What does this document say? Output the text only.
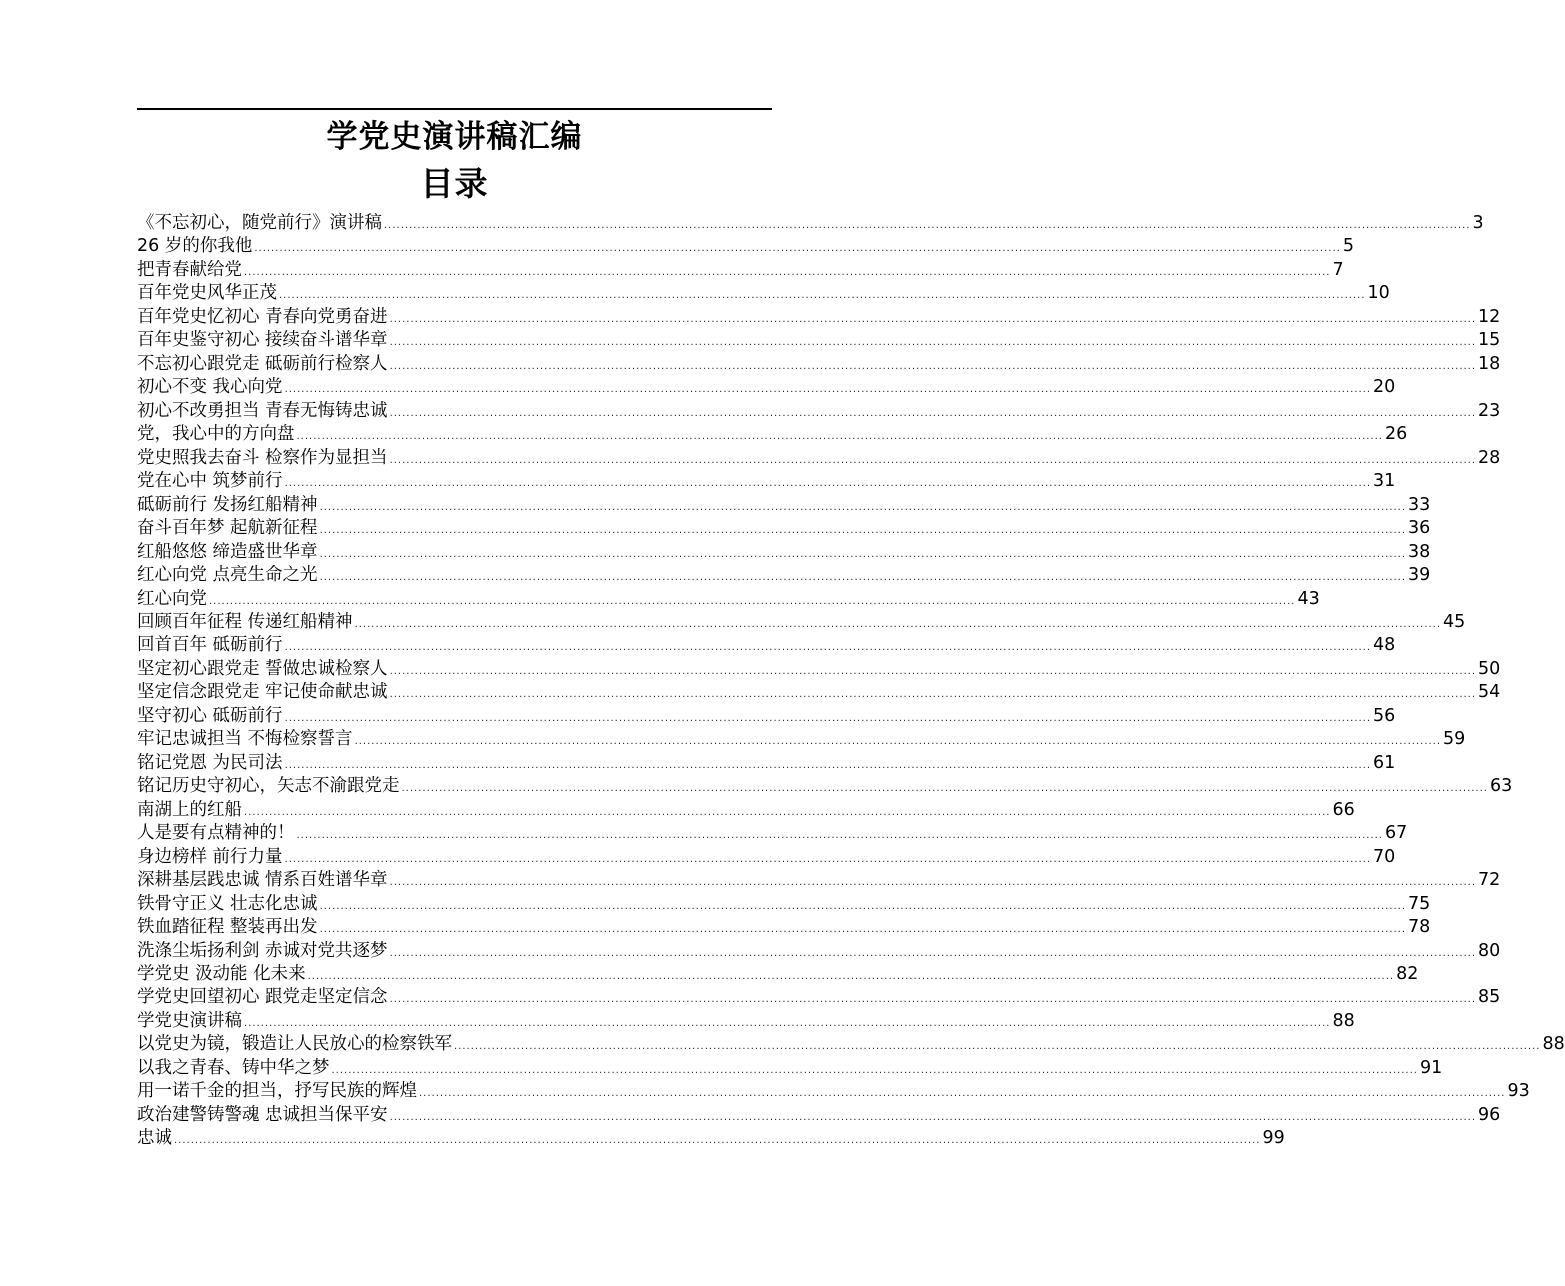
学党史演讲稿汇编
目录
《不忘初心，随党前行》演讲稿 .................................................................................................................................................................................................................................................................... 3
26 岁的你我他 .................................................................................................................................................................................................................................................................... 5
把青春献给党 .................................................................................................................................................................................................................................................................... 7
百年党史风华正茂 .................................................................................................................................................................................................................................................................... 10
百年党史忆初心 青春向党勇奋进 .................................................................................................................................................................................................................................................................... 12
百年史鉴守初心 接续奋斗谱华章 .................................................................................................................................................................................................................................................................... 15
不忘初心跟党走 砥砺前行检察人 .................................................................................................................................................................................................................................................................... 18
初心不变 我心向党 .................................................................................................................................................................................................................................................................... 20
初心不改勇担当 青春无悔铸忠诚 .................................................................................................................................................................................................................................................................... 23
党，我心中的方向盘 .................................................................................................................................................................................................................................................................... 26
党史照我去奋斗 检察作为显担当 .................................................................................................................................................................................................................................................................... 28
党在心中 筑梦前行 .................................................................................................................................................................................................................................................................... 31
砥砺前行 发扬红船精神 .................................................................................................................................................................................................................................................................... 33
奋斗百年梦 起航新征程 .................................................................................................................................................................................................................................................................... 36
红船悠悠 缔造盛世华章 .................................................................................................................................................................................................................................................................... 38
红心向党 点亮生命之光 .................................................................................................................................................................................................................................................................... 39
红心向党 .................................................................................................................................................................................................................................................................... 43
回顾百年征程 传递红船精神 .................................................................................................................................................................................................................................................................... 45
回首百年 砥砺前行 .................................................................................................................................................................................................................................................................... 48
坚定初心跟党走 誓做忠诚检察人 .................................................................................................................................................................................................................................................................... 50
坚定信念跟党走 牢记使命献忠诚 .................................................................................................................................................................................................................................................................... 54
坚守初心 砥砺前行 .................................................................................................................................................................................................................................................................... 56
牢记忠诚担当 不悔检察誓言 .................................................................................................................................................................................................................................................................... 59
铭记党恩 为民司法 .................................................................................................................................................................................................................................................................... 61
铭记历史守初心，矢志不渝跟党走 .................................................................................................................................................................................................................................................................... 63
南湖上的红船 .................................................................................................................................................................................................................................................................... 66
人是要有点精神的！ .................................................................................................................................................................................................................................................................... 67
身边榜样 前行力量 .................................................................................................................................................................................................................................................................... 70
深耕基层践忠诚 情系百姓谱华章 .................................................................................................................................................................................................................................................................... 72
铁骨守正义 壮志化忠诚 .................................................................................................................................................................................................................................................................... 75
铁血踏征程 整装再出发 .................................................................................................................................................................................................................................................................... 78
洗涤尘垢扬利剑 赤诚对党共逐梦 .................................................................................................................................................................................................................................................................... 80
学党史 汲动能 化未来 .................................................................................................................................................................................................................................................................... 82
学党史回望初心 跟党走坚定信念 .................................................................................................................................................................................................................................................................... 85
学党史演讲稿 .................................................................................................................................................................................................................................................................... 88
以党史为镜，锻造让人民放心的检察铁军 .................................................................................................................................................................................................................................................................... 88
以我之青春、铸中华之梦 .................................................................................................................................................................................................................................................................... 91
用一诺千金的担当，抒写民族的辉煌 .................................................................................................................................................................................................................................................................... 93
政治建警铸警魂 忠诚担当保平安 .................................................................................................................................................................................................................................................................... 96
忠诚 .................................................................................................................................................................................................................................................................... 99
